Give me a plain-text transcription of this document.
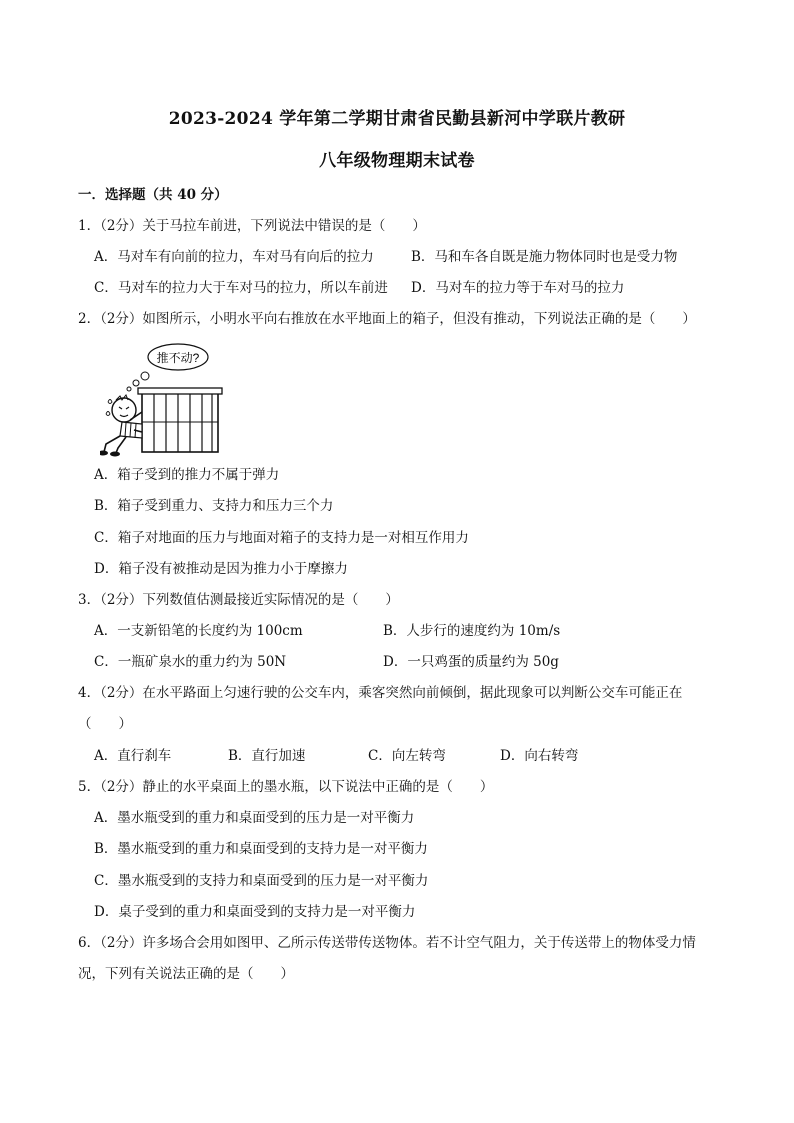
2023-2024 学年第二学期甘肃省民勤县新河中学联片教研
八年级物理期末试卷
一．选择题（共 40 分）
1．（2分）关于马拉车前进，下列说法中错误的是（　　）
A．马对车有向前的拉力，车对马有向后的拉力	B．马和车各自既是施力物体同时也是受力物
C．马对车的拉力大于车对马的拉力，所以车前进 D．马对车的拉力等于车对马的拉力
2．（2分）如图所示，小明水平向右推放在水平地面上的箱子，但没有推动，下列说法正确的是（　　）
推不动?
A．箱子受到的推力不属于弹力
B．箱子受到重力、支持力和压力三个力
C．箱子对地面的压力与地面对箱子的支持力是一对相互作用力
D．箱子没有被推动是因为推力小于摩擦力
3．（2分）下列数值估测最接近实际情况的是（　　）
A．一支新铅笔的长度约为 100cm	B．人步行的速度约为 10m/s
C．一瓶矿泉水的重力约为 50N	D．一只鸡蛋的质量约为 50g
4．（2分）在水平路面上匀速行驶的公交车内，乘客突然向前倾倒，据此现象可以判断公交车可能正在
（　　）
A．直行刹车	B．直行加速	C．向左转弯	D．向右转弯
5．（2分）静止的水平桌面上的墨水瓶，以下说法中正确的是（　　）
A．墨水瓶受到的重力和桌面受到的压力是一对平衡力
B．墨水瓶受到的重力和桌面受到的支持力是一对平衡力
C．墨水瓶受到的支持力和桌面受到的压力是一对平衡力
D．桌子受到的重力和桌面受到的支持力是一对平衡力
6．（2分）许多场合会用如图甲、乙所示传送带传送物体。若不计空气阻力，关于传送带上的物体受力情
况，下列有关说法正确的是（　　）
